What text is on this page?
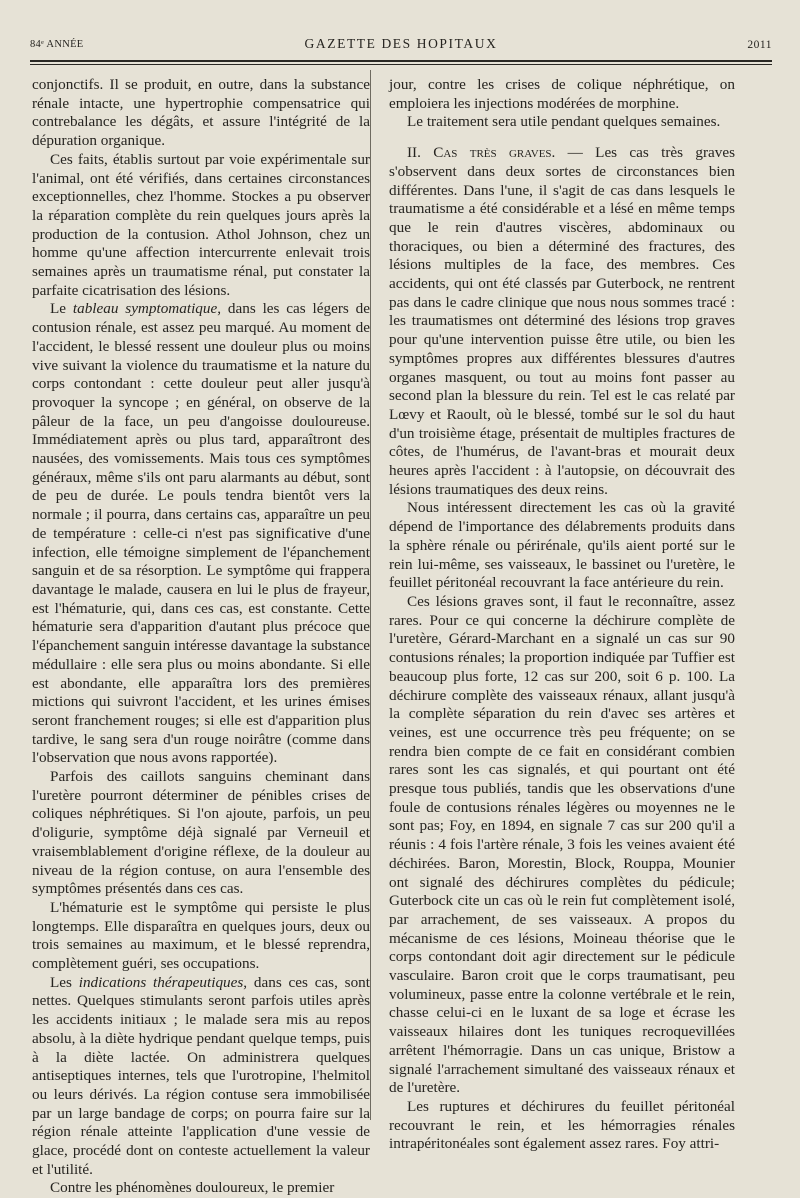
84ᵉ ANNÉE	GAZETTE DES HOPITAUX	2011

conjonctifs. Il se produit, en outre, dans la substance rénale intacte, une hypertrophie compensatrice qui contrebalance les dégâts, et assure l'intégrité de la dépuration organique.

Ces faits, établis surtout par voie expérimentale sur l'animal, ont été vérifiés, dans certaines circonstances exceptionnelles, chez l'homme. Stockes a pu observer la réparation complète du rein quelques jours après la production de la contusion. Athol Johnson, chez un homme qu'une affection intercurrente enlevait trois semaines après un traumatisme rénal, put constater la parfaite cicatrisation des lésions.

Le tableau symptomatique, dans les cas légers de contusion rénale, est assez peu marqué. Au moment de l'accident, le blessé ressent une douleur plus ou moins vive suivant la violence du traumatisme et la nature du corps contondant : cette douleur peut aller jusqu'à provoquer la syncope ; en général, on observe de la pâleur de la face, un peu d'angoisse douloureuse. Immédiatement après ou plus tard, apparaîtront des nausées, des vomissements. Mais tous ces symptômes généraux, même s'ils ont paru alarmants au début, sont de peu de durée. Le pouls tendra bientôt vers la normale ; il pourra, dans certains cas, apparaître un peu de température : celle-ci n'est pas significative d'une infection, elle témoigne simplement de l'épanchement sanguin et de sa résorption. Le symptôme qui frappera davantage le malade, causera en lui le plus de frayeur, est l'hématurie, qui, dans ces cas, est constante. Cette hématurie sera d'apparition d'autant plus précoce que l'épanchement sanguin intéresse davantage la substance médullaire : elle sera plus ou moins abondante. Si elle est abondante, elle apparaîtra lors des premières mictions qui suivront l'accident, et les urines émises seront franchement rouges; si elle est d'apparition plus tardive, le sang sera d'un rouge noirâtre (comme dans l'observation que nous avons rapportée).

Parfois des caillots sanguins cheminant dans l'uretère pourront déterminer de pénibles crises de coliques néphrétiques. Si l'on ajoute, parfois, un peu d'oligurie, symptôme déjà signalé par Verneuil et vraisemblablement d'origine réflexe, de la douleur au niveau de la région contuse, on aura l'ensemble des symptômes présentés dans ces cas.

L'hématurie est le symptôme qui persiste le plus longtemps. Elle disparaîtra en quelques jours, deux ou trois semaines au maximum, et le blessé reprendra, complètement guéri, ses occupations.

Les indications thérapeutiques, dans ces cas, sont nettes. Quelques stimulants seront parfois utiles après les accidents initiaux ; le malade sera mis au repos absolu, à la diète hydrique pendant quelque temps, puis à la diète lactée. On administrera quelques antiseptiques internes, tels que l'urotropine, l'helmitol ou leurs dérivés. La région contuse sera immobilisée par un large bandage de corps; on pourra faire sur la région rénale atteinte l'application d'une vessie de glace, procédé dont on conteste actuellement la valeur et l'utilité.

Contre les phénomènes douloureux, le premier

jour, contre les crises de colique néphrétique, on emploiera les injections modérées de morphine.

Le traitement sera utile pendant quelques semaines.

II. Cas très graves. — Les cas très graves s'observent dans deux sortes de circonstances bien différentes. Dans l'une, il s'agit de cas dans lesquels le traumatisme a été considérable et a lésé en même temps que le rein d'autres viscères, abdominaux ou thoraciques, ou bien a déterminé des fractures, des lésions multiples de la face, des membres. Ces accidents, qui ont été classés par Guterbock, ne rentrent pas dans le cadre clinique que nous nous sommes tracé : les traumatismes ont déterminé des lésions trop graves pour qu'une intervention puisse être utile, ou bien les symptômes propres aux différentes blessures d'autres organes masquent, ou tout au moins font passer au second plan la blessure du rein. Tel est le cas relaté par Lœvy et Raoult, où le blessé, tombé sur le sol du haut d'un troisième étage, présentait de multiples fractures de côtes, de l'humérus, de l'avant-bras et mourait deux heures après l'accident : à l'autopsie, on découvrait des lésions traumatiques des deux reins.

Nous intéressent directement les cas où la gravité dépend de l'importance des délabrements produits dans la sphère rénale ou périrénale, qu'ils aient porté sur le rein lui-même, ses vaisseaux, le bassinet ou l'uretère, le feuillet péritonéal recouvrant la face antérieure du rein.

Ces lésions graves sont, il faut le reconnaître, assez rares. Pour ce qui concerne la déchirure complète de l'uretère, Gérard-Marchant en a signalé un cas sur 90 contusions rénales; la proportion indiquée par Tuffier est beaucoup plus forte, 12 cas sur 200, soit 6 p. 100. La déchirure complète des vaisseaux rénaux, allant jusqu'à la complète séparation du rein d'avec ses artères et veines, est une occurrence très peu fréquente; on se rendra bien compte de ce fait en considérant combien rares sont les cas signalés, et qui pourtant ont été presque tous publiés, tandis que les observations d'une foule de contusions rénales légères ou moyennes ne le sont pas; Foy, en 1894, en signale 7 cas sur 200 qu'il a réunis : 4 fois l'artère rénale, 3 fois les veines avaient été déchirées. Baron, Morestin, Block, Rouppa, Mounier ont signalé des déchirures complètes du pédicule; Guterbock cite un cas où le rein fut complètement isolé, par arrachement, de ses vaisseaux. A propos du mécanisme de ces lésions, Moineau théorise que le corps contondant doit agir directement sur le pédicule vasculaire. Baron croit que le corps traumatisant, peu volumineux, passe entre la colonne vertébrale et le rein, chasse celui-ci en le luxant de sa loge et écrase les vaisseaux hilaires dont les tuniques recroquevillées arrêtent l'hémorragie. Dans un cas unique, Bristow a signalé l'arrachement simultané des vaisseaux rénaux et de l'uretère.

Les ruptures et déchirures du feuillet péritonéal recouvrant le rein, et les hémorragies rénales intrapéritonéales sont également assez rares. Foy attri-
